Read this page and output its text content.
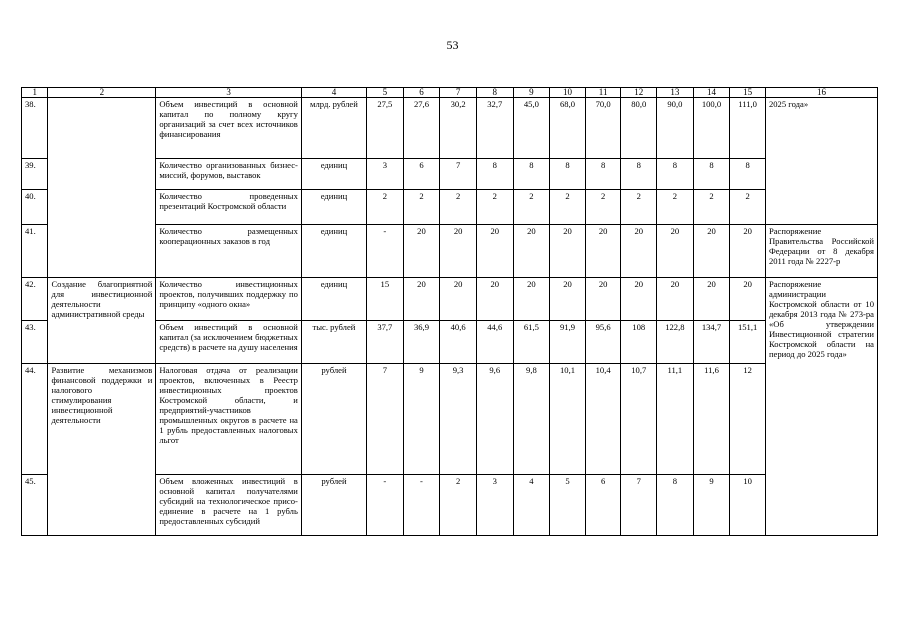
53
1	2	3	4	5	6	7	8	9	10	11	12	13	14	15	16
38.		Объем инвестиций в основной капитал по полному кругу организаций за счет всех источников финансирования	млрд. рублей	27,5	27,6	30,2	32,7	45,0	68,0	70,0	80,0	90,0	100,0	111,0	2025 года»
39.		Количество организованных бизнес-миссий, форумов, выставок	единиц	3	6	7	8	8	8	8	8	8	8	8	
40.		Количество проведенных презентаций Костромской области	единиц	2	2	2	2	2	2	2	2	2	2	2	
41.		Количество размещенных кооперационных заказов в год	единиц	-	20	20	20	20	20	20	20	20	20	20	Распоряжение Правительства Российской Федерации от 8 декабря 2011 года № 2227-р
42.	Создание благоприятной для инвестиционной деятельности административной среды	Количество инвестиционных проектов, получивших поддержку по принципу «одного окна»	единиц	15	20	20	20	20	20	20	20	20	20	20	Распоряжение администрации Костромской области от 10 декабря 2013 года № 273-ра «Об утверждении Инвестиционной стратегии Костромской области на период до 2025 года»
43.		Объем инвестиций в основной капитал (за исключением бюджетных средств) в расчете на душу населения	тыс. рублей	37,7	36,9	40,6	44,6	61,5	91,9	95,6	108	122,8	134,7	151,1	
44.	Развитие механизмов финансовой поддержки и налогового стимулирования инвестиционной деятельности	Налоговая отдача от реализации проектов, включенных в Реестр инвестиционных проектов Костромской области, и предприятий-участников промышленных округов в расчете на 1 рубль предоставленных налоговых льгот	рублей	7	9	9,3	9,6	9,8	10,1	10,4	10,7	11,1	11,6	12	
45.		Объем вложенных инвестиций в основной капитал получателями субсидий на технологическое присо-единение в расчете на 1 рубль предоставленных субсидий	рублей	-	-	2	3	4	5	6	7	8	9	10	
